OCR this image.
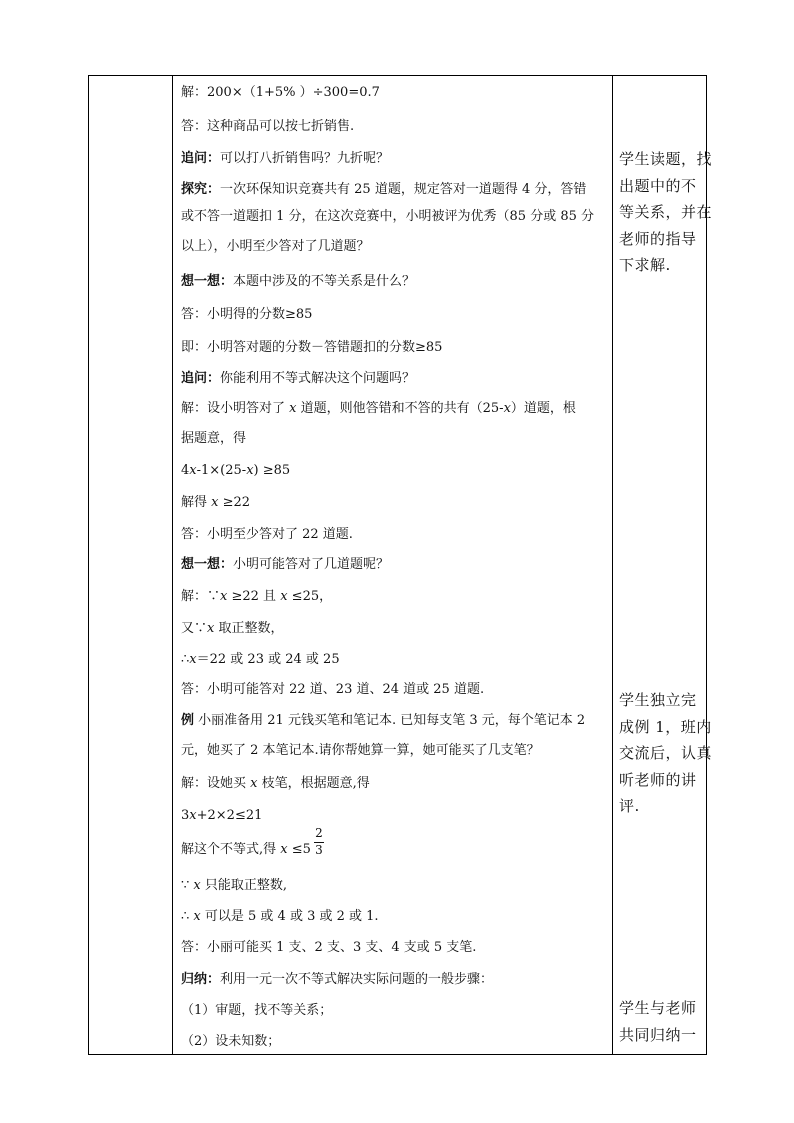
解：200×（1+5% ）÷300=0.7
答：这种商品可以按七折销售.
追问：可以打八折销售吗？九折呢？
探究：一次环保知识竞赛共有 25 道题，规定答对一道题得 4 分，答错
或不答一道题扣 1 分，在这次竞赛中，小明被评为优秀（85 分或 85 分
以上），小明至少答对了几道题？
想一想：本题中涉及的不等关系是什么？
答：小明得的分数≥85
即：小明答对题的分数－答错题扣的分数≥85
追问：你能利用不等式解决这个问题吗？
解：设小明答对了 x 道题，则他答错和不答的共有（25-x）道题，根
据题意，得
4x-1×(25-x) ≥85
解得 x ≥22
答：小明至少答对了 22 道题.
想一想：小明可能答对了几道题呢？
解：∵x ≥22 且 x ≤25，
又∵x 取正整数，
∴x＝22 或 23 或 24 或 25
答：小明可能答对 22 道、23 道、24 道或 25 道题.
例 小丽准备用 21 元钱买笔和笔记本. 已知每支笔 3 元，每个笔记本 2
元，她买了 2 本笔记本.请你帮她算一算，她可能买了几支笔？
解：设她买 x 枝笔，根据题意,得
3x+2×2≤21
解这个不等式,得 x ≤5
2
3
∵ x 只能取正整数,
∴ x 可以是 5 或 4 或 3 或 2 或 1.
答：小丽可能买 1 支、2 支、3 支、4 支或 5 支笔.
归纳：利用一元一次不等式解决实际问题的一般步骤：
（1）审题，找不等关系；
（2）设未知数；
学生读题，找
出题中的不
等关系，并在
老师的指导
下求解.
学生独立完
成例 1，班内
交流后，认真
听老师的讲
评.
学生与老师
共同归纳一
